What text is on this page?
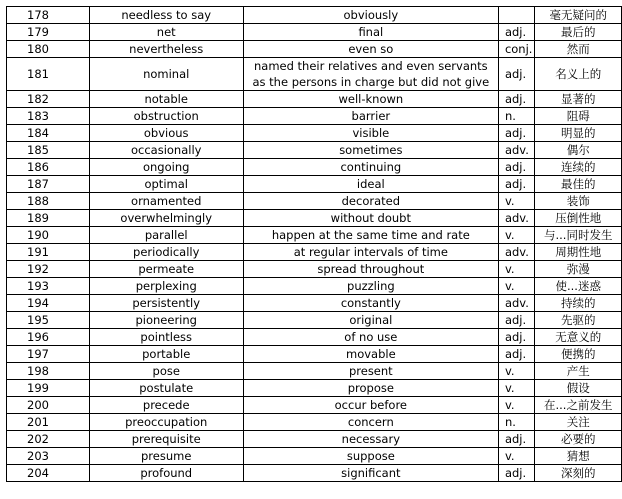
178	needless to say	obviously		毫无疑问的
179	net	final	adj.	最后的
180	nevertheless	even so	conj.	然而
181	nominal	named their relatives and even servants as the persons in charge but did not give	adj.	名义上的
182	notable	well-known	adj.	显著的
183	obstruction	barrier	n.	阻碍
184	obvious	visible	adj.	明显的
185	occasionally	sometimes	adv.	偶尔
186	ongoing	continuing	adj.	连续的
187	optimal	ideal	adj.	最佳的
188	ornamented	decorated	v.	装饰
189	overwhelmingly	without doubt	adv.	压倒性地
190	parallel	happen at the same time and rate	v.	与...同时发生
191	periodically	at regular intervals of time	adv.	周期性地
192	permeate	spread throughout	v.	弥漫
193	perplexing	puzzling	v.	使...迷惑
194	persistently	constantly	adv.	持续的
195	pioneering	original	adj.	先驱的
196	pointless	of no use	adj.	无意义的
197	portable	movable	adj.	便携的
198	pose	present	v.	产生
199	postulate	propose	v.	假设
200	precede	occur before	v.	在...之前发生
201	preoccupation	concern	n.	关注
202	prerequisite	necessary	adj.	必要的
203	presume	suppose	v.	猜想
204	profound	significant	adj.	深刻的
